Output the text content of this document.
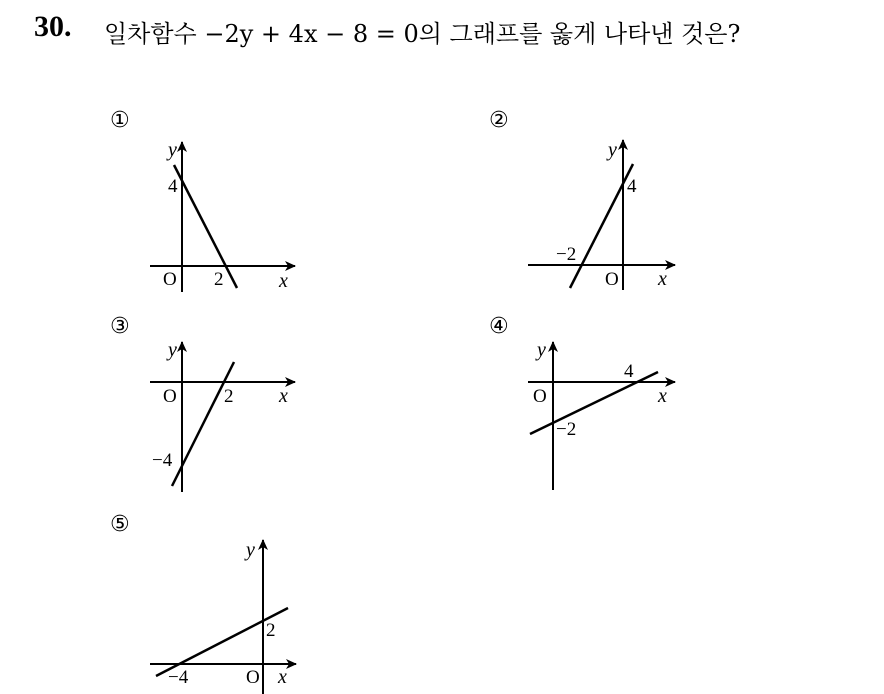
30. 일차함수 −2y + 4x − 8 = 0의 그래프를 옳게 나타낸 것은?
①
y
4
O 2	x
②
y
4
−2
O x
③
y
O 2 x
−4
④
y
4
O	x
−2
⑤
y
2
−4	O x
